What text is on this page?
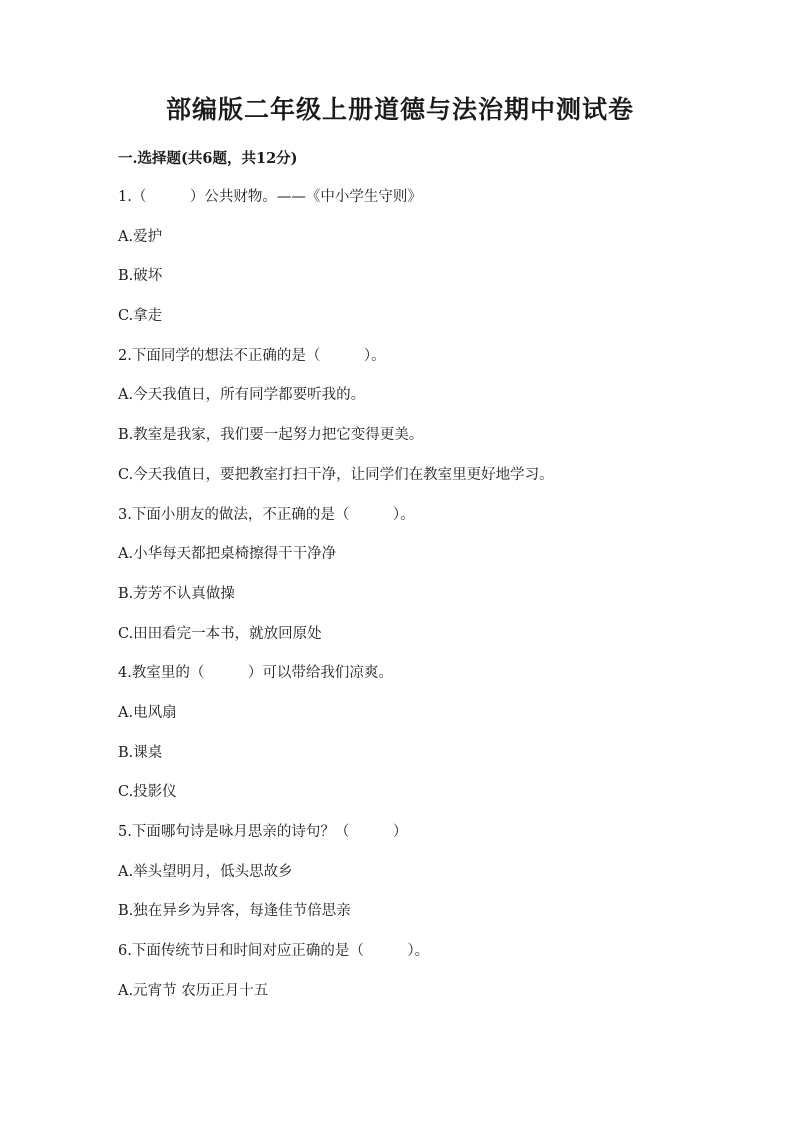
部编版二年级上册道德与法治期中测试卷
一.选择题(共6题，共12分)
1.（　　　）公共财物。——《中小学生守则》
A.爱护
B.破坏
C.拿走
2.下面同学的想法不正确的是（　　　）。
A.今天我值日，所有同学都要听我的。
B.教室是我家，我们要一起努力把它变得更美。
C.今天我值日，要把教室打扫干净，让同学们在教室里更好地学习。
3.下面小朋友的做法，不正确的是（　　　）。
A.小华每天都把桌椅擦得干干净净
B.芳芳不认真做操
C.田田看完一本书，就放回原处
4.教室里的（　　　）可以带给我们凉爽。
A.电风扇
B.课桌
C.投影仪
5.下面哪句诗是咏月思亲的诗句？（　　　）
A.举头望明月，低头思故乡
B.独在异乡为异客，每逢佳节倍思亲
6.下面传统节日和时间对应正确的是（　　　）。
A.元宵节 农历正月十五
